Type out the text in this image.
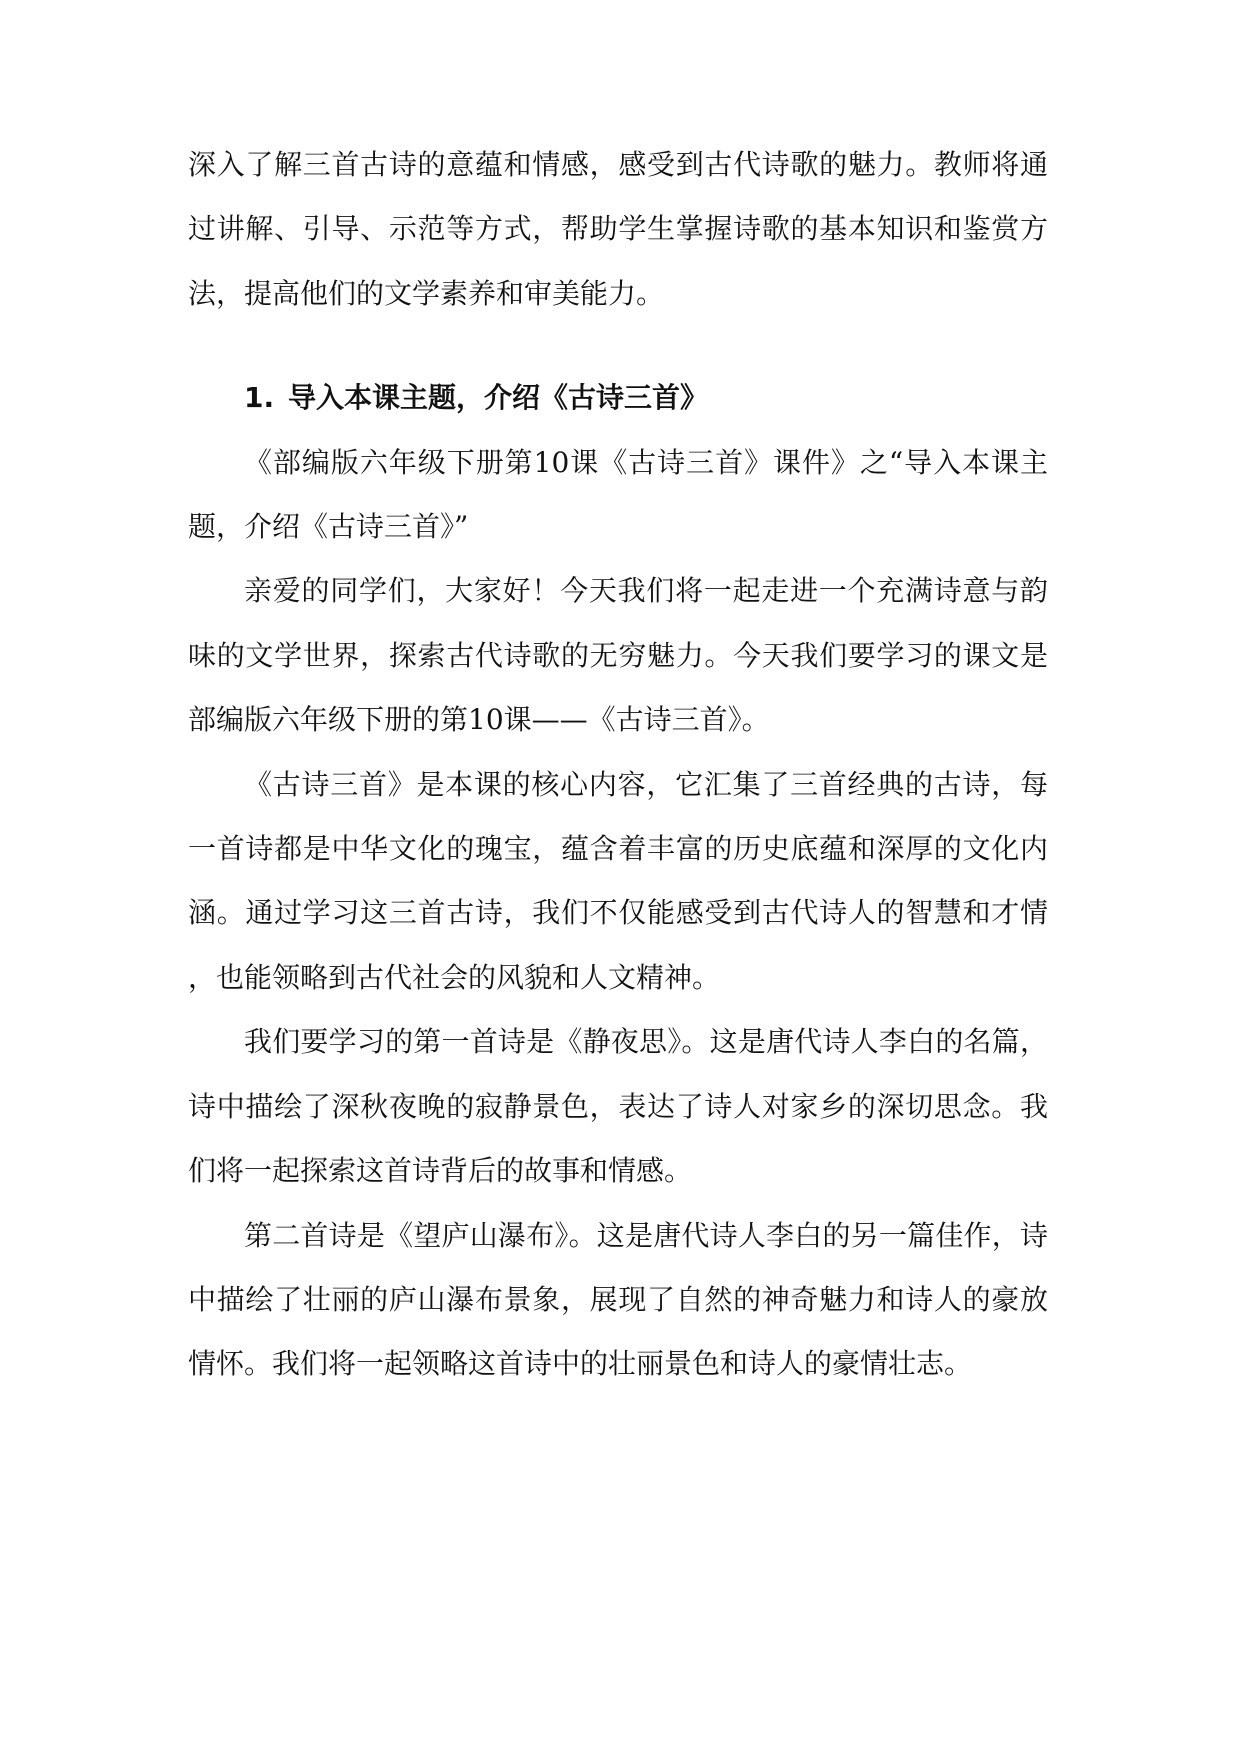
深入了解三首古诗的意蕴和情感，感受到古代诗歌的魅力。教师将通过讲解、引导、示范等方式，帮助学生掌握诗歌的基本知识和鉴赏方法，提高他们的文学素养和审美能力。

1. 导入本课主题，介绍《古诗三首》

《部编版六年级下册第10课《古诗三首》课件》之“导入本课主题，介绍《古诗三首》”

亲爱的同学们，大家好！今天我们将一起走进一个充满诗意与韵味的文学世界，探索古代诗歌的无穷魅力。今天我们要学习的课文是部编版六年级下册的第10课——《古诗三首》。

《古诗三首》是本课的核心内容，它汇集了三首经典的古诗，每一首诗都是中华文化的瑰宝，蕴含着丰富的历史底蕴和深厚的文化内涵。通过学习这三首古诗，我们不仅能感受到古代诗人的智慧和才情，也能领略到古代社会的风貌和人文精神。

我们要学习的第一首诗是《静夜思》。这是唐代诗人李白的名篇，诗中描绘了深秋夜晚的寂静景色，表达了诗人对家乡的深切思念。我们将一起探索这首诗背后的故事和情感。

第二首诗是《望庐山瀑布》。这是唐代诗人李白的另一篇佳作，诗中描绘了壮丽的庐山瀑布景象，展现了自然的神奇魅力和诗人的豪放情怀。我们将一起领略这首诗中的壮丽景色和诗人的豪情壮志。
